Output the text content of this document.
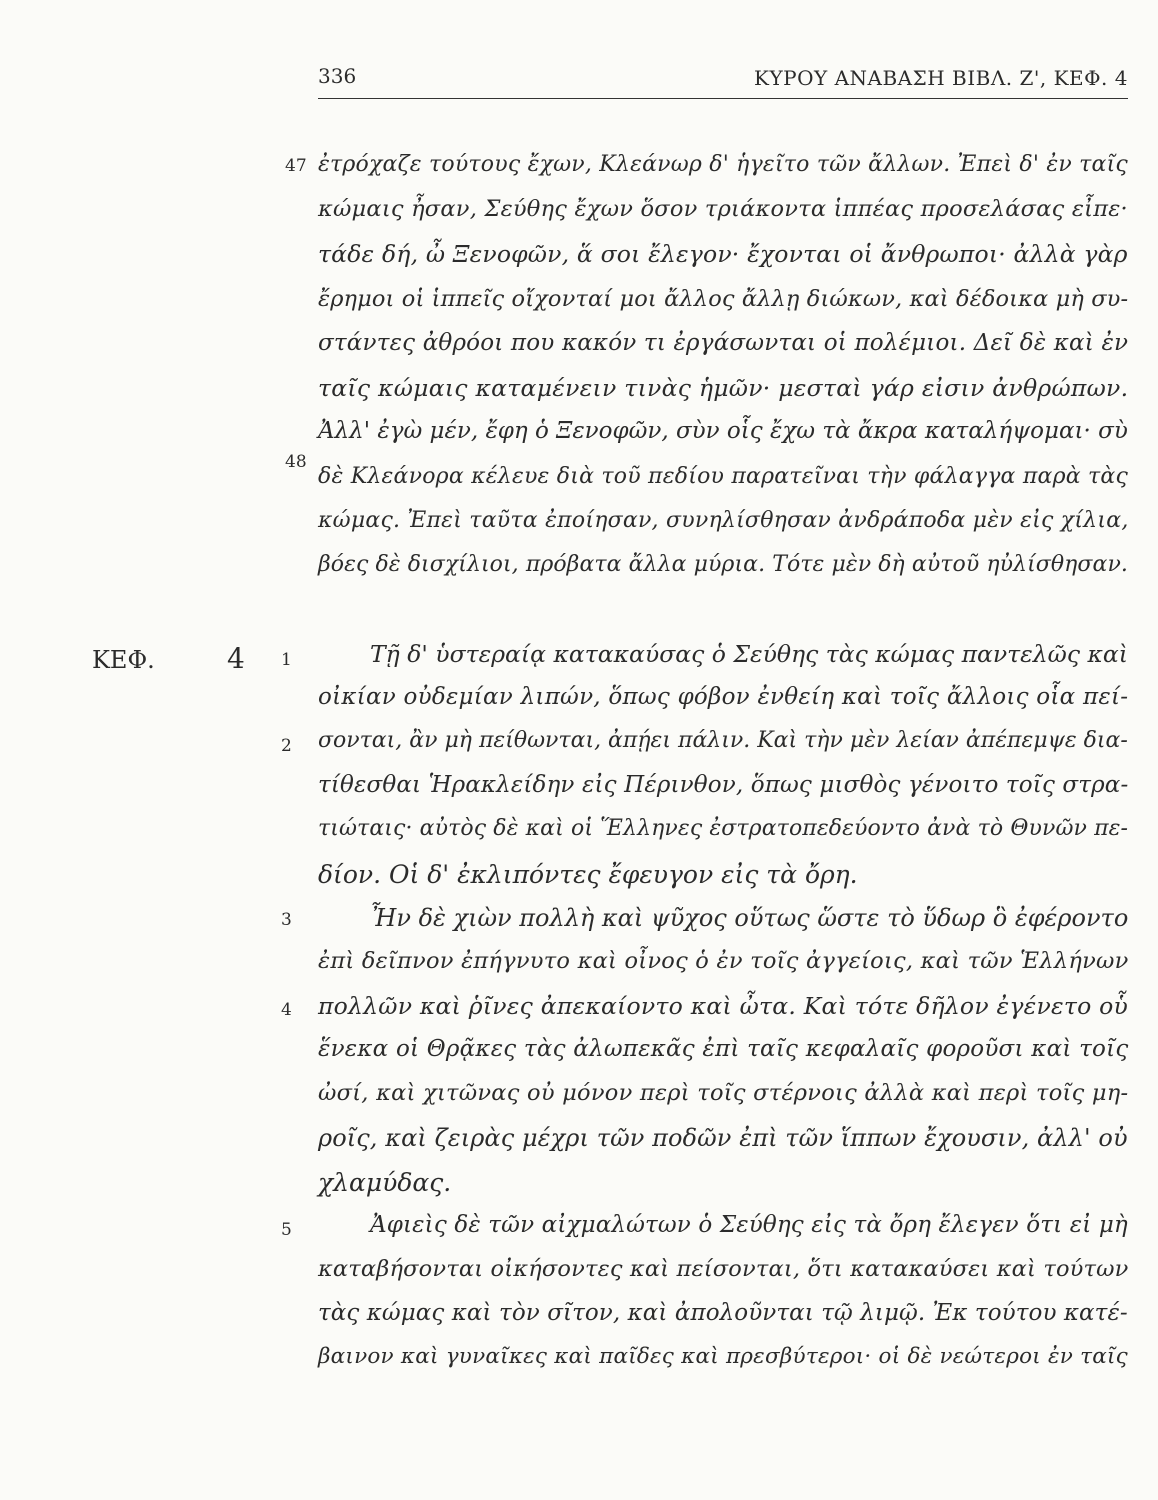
336	ΚΥΡΟΥ ΑΝΑΒΑΣΗ ΒΙΒΛ. Ζ', ΚΕΦ. 4
47
48
1
2
3
4
5
ΚΕΦ.	4
ἐτρόχαζε τούτους ἔχων, Κλεάνωρ δ' ἡγεῖτο τῶν ἄλλων. Ἐπεὶ δ' ἐν ταῖς
κώμαις ἦσαν, Σεύθης ἔχων ὅσον τριάκοντα ἱππέας προσελάσας εἶπε·
τάδε δή, ὦ Ξενοφῶν, ἅ σοι ἔλεγον· ἔχονται οἱ ἄνθρωποι· ἀλλὰ γὰρ
ἔρημοι οἱ ἱππεῖς οἴχονταί μοι ἄλλος ἄλλῃ διώκων, καὶ δέδοικα μὴ συ-
στάντες ἀθρόοι που κακόν τι ἐργάσωνται οἱ πολέμιοι. Δεῖ δὲ καὶ ἐν
ταῖς κώμαις καταμένειν τινὰς ἡμῶν· μεσταὶ γάρ εἰσιν ἀνθρώπων.
Ἀλλ' ἐγὼ μέν, ἔφη ὁ Ξενοφῶν, σὺν οἷς ἔχω τὰ ἄκρα καταλήψομαι· σὺ
δὲ Κλεάνορα κέλευε διὰ τοῦ πεδίου παρατεῖναι τὴν φάλαγγα παρὰ τὰς
κώμας. Ἐπεὶ ταῦτα ἐποίησαν, συνηλίσθησαν ἀνδράποδα μὲν εἰς χίλια,
βόες δὲ δισχίλιοι, πρόβατα ἄλλα μύρια. Τότε μὲν δὴ αὐτοῦ ηὐλίσθησαν.
Τῇ δ' ὑστεραίᾳ κατακαύσας ὁ Σεύθης τὰς κώμας παντελῶς καὶ
οἰκίαν οὐδεμίαν λιπών, ὅπως φόβον ἐνθείη καὶ τοῖς ἄλλοις οἷα πεί-
σονται, ἂν μὴ πείθωνται, ἀπῄει πάλιν. Καὶ τὴν μὲν λείαν ἀπέπεμψε δια-
τίθεσθαι Ἡρακλείδην εἰς Πέρινθον, ὅπως μισθὸς γένοιτο τοῖς στρα-
τιώταις· αὐτὸς δὲ καὶ οἱ Ἕλληνες ἐστρατοπεδεύοντο ἀνὰ τὸ Θυνῶν πε-
δίον. Οἱ δ' ἐκλιπόντες ἔφευγον εἰς τὰ ὄρη.
Ἦν δὲ χιὼν πολλὴ καὶ ψῦχος οὕτως ὥστε τὸ ὕδωρ ὃ ἐφέροντο
ἐπὶ δεῖπνον ἐπήγνυτο καὶ οἶνος ὁ ἐν τοῖς ἀγγείοις, καὶ τῶν Ἑλλήνων
πολλῶν καὶ ῥῖνες ἀπεκαίοντο καὶ ὦτα. Καὶ τότε δῆλον ἐγένετο οὗ
ἕνεκα οἱ Θρᾷκες τὰς ἀλωπεκᾶς ἐπὶ ταῖς κεφαλαῖς φοροῦσι καὶ τοῖς
ὠσί, καὶ χιτῶνας οὐ μόνον περὶ τοῖς στέρνοις ἀλλὰ καὶ περὶ τοῖς μη-
ροῖς, καὶ ζειρὰς μέχρι τῶν ποδῶν ἐπὶ τῶν ἵππων ἔχουσιν, ἀλλ' οὐ
χλαμύδας.
Ἀφιεὶς δὲ τῶν αἰχμαλώτων ὁ Σεύθης εἰς τὰ ὄρη ἔλεγεν ὅτι εἰ μὴ
καταβήσονται οἰκήσοντες καὶ πείσονται, ὅτι κατακαύσει καὶ τούτων
τὰς κώμας καὶ τὸν σῖτον, καὶ ἀπολοῦνται τῷ λιμῷ. Ἐκ τούτου κατέ-
βαινον καὶ γυναῖκες καὶ παῖδες καὶ πρεσβύτεροι· οἱ δὲ νεώτεροι ἐν ταῖς
